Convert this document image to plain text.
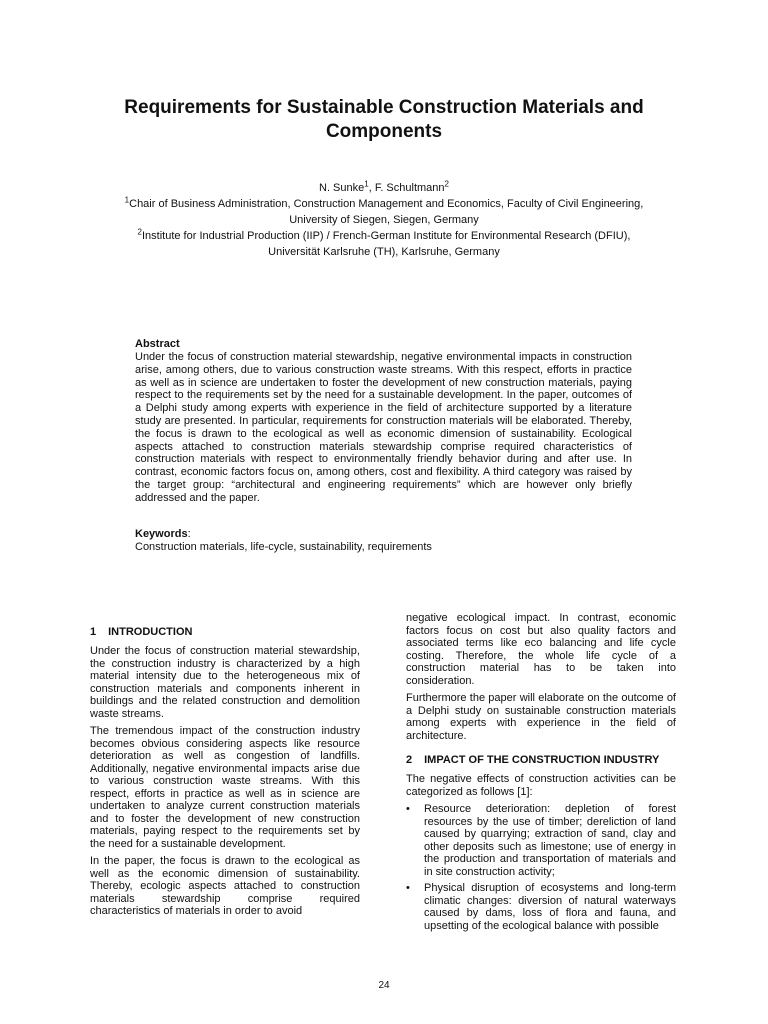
Requirements for Sustainable Construction Materials and Components

N. Sunke$^1$, F. Schultmann$^2$

$^1$Chair of Business Administration, Construction Management and Economics, Faculty of Civil Engineering,

University of Siegen, Siegen, Germany

$^2$Institute for Industrial Production (IIP) / French-German Institute for Environmental Research (DFIU),

Universität Karlsruhe (TH), Karlsruhe, Germany

Abstract

Under the focus of construction material stewardship, negative environmental impacts in construction arise, among others, due to various construction waste streams. With this respect, efforts in practice as well as in science are undertaken to foster the development of new construction materials, paying respect to the requirements set by the need for a sustainable development. In the paper, outcomes of a Delphi study among experts with experience in the field of architecture supported by a literature study are presented. In particular, requirements for construction materials will be elaborated. Thereby, the focus is drawn to the ecological as well as economic dimension of sustainability. Ecological aspects attached to construction materials stewardship comprise required characteristics of construction materials with respect to environmentally friendly behavior during and after use. In contrast, economic factors focus on, among others, cost and flexibility. A third category was raised by the target group: “architectural and engineering requirements” which are however only briefly addressed and the paper.

Keywords:
Construction materials, life-cycle, sustainability, requirements
1 INTRODUCTION

Under the focus of construction material stewardship, the construction industry is characterized by a high material intensity due to the heterogeneous mix of construction materials and components inherent in buildings and the related construction and demolition waste streams.

The tremendous impact of the construction industry becomes obvious considering aspects like resource deterioration as well as congestion of landfills. Additionally, negative environmental impacts arise due to various construction waste streams. With this respect, efforts in practice as well as in science are undertaken to analyze current construction materials and to foster the development of new construction materials, paying respect to the requirements set by the need for a sustainable development.

In the paper, the focus is drawn to the ecological as well as the economic dimension of sustainability. Thereby, ecologic aspects attached to construction materials stewardship comprise required characteristics of materials in order to avoid

negative ecological impact. In contrast, economic factors focus on cost but also quality factors and associated terms like eco balancing and life cycle costing. Therefore, the whole life cycle of a construction material has to be taken into consideration.

Furthermore the paper will elaborate on the outcome of a Delphi study on sustainable construction materials among experts with experience in the field of architecture.

2 IMPACT OF THE CONSTRUCTION INDUSTRY

The negative effects of construction activities can be categorized as follows [1]:

•	Resource deterioration: depletion of forest resources by the use of timber; dereliction of land caused by quarrying; extraction of sand, clay and other deposits such as limestone; use of energy in the production and transportation of materials and in site construction activity;
•	Physical disruption of ecosystems and long-term climatic changes: diversion of natural waterways caused by dams, loss of flora and fauna, and upsetting of the ecological balance with possible
24
